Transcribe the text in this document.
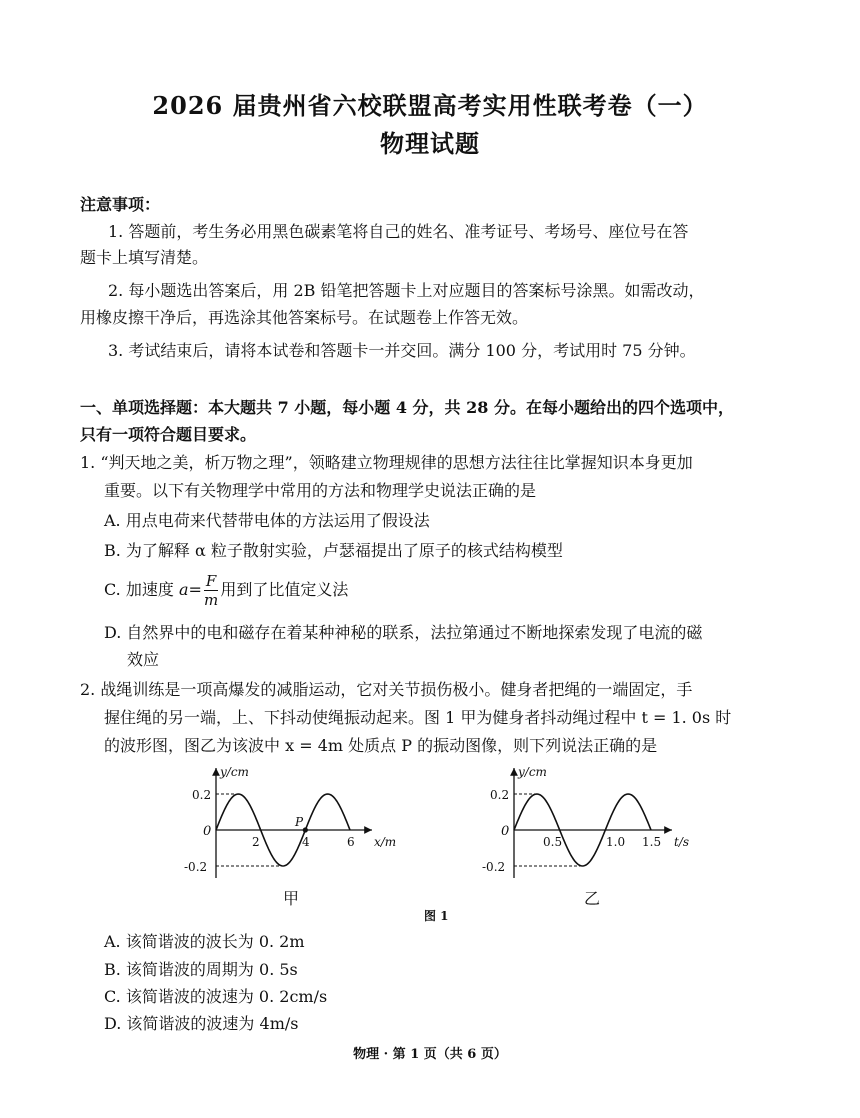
2026 届贵州省六校联盟高考实用性联考卷（一）
物理试题
注意事项：
1. 答题前，考生务必用黑色碳素笔将自己的姓名、准考证号、考场号、座位号在答
题卡上填写清楚。
2. 每小题选出答案后，用 2B 铅笔把答题卡上对应题目的答案标号涂黑。如需改动，
用橡皮擦干净后，再选涂其他答案标号。在试题卷上作答无效。
3. 考试结束后，请将本试卷和答题卡一并交回。满分 100 分，考试用时 75 分钟。
一、单项选择题：本大题共 7 小题，每小题 4 分，共 28 分。在每小题给出的四个选项中，
只有一项符合题目要求。
1. “判天地之美，析万物之理”，领略建立物理规律的思想方法往往比掌握知识本身更加
重要。以下有关物理学中常用的方法和物理学史说法正确的是
A. 用点电荷来代替带电体的方法运用了假设法
B. 为了解释 α 粒子散射实验，卢瑟福提出了原子的核式结构模型
C. 加速度 $a= \frac{F}{m}$ 用到了比值定义法
D. 自然界中的电和磁存在着某种神秘的联系，法拉第通过不断地探索发现了电流的磁
效应
2. 战绳训练是一项高爆发的减脂运动，它对关节损伤极小。健身者把绳的一端固定，手
握住绳的另一端，上、下抖动使绳振动起来。图 1 甲为健身者抖动绳过程中 t = 1. 0s 时
的波形图，图乙为该波中 x = 4m 处质点 P 的振动图像，则下列说法正确的是
y/cm
0.2
-0.2
0
2	4	6 x/m
P
甲
y/cm
0.2
-0.2
0
0.5	1.0 1.5 t/s
乙
图 1
A. 该简谐波的波长为 0. 2m
B. 该简谐波的周期为 0. 5s
C. 该简谐波的波速为 0. 2cm/s
D. 该简谐波的波速为 4m/s
物理 · 第 1 页（共 6 页）
